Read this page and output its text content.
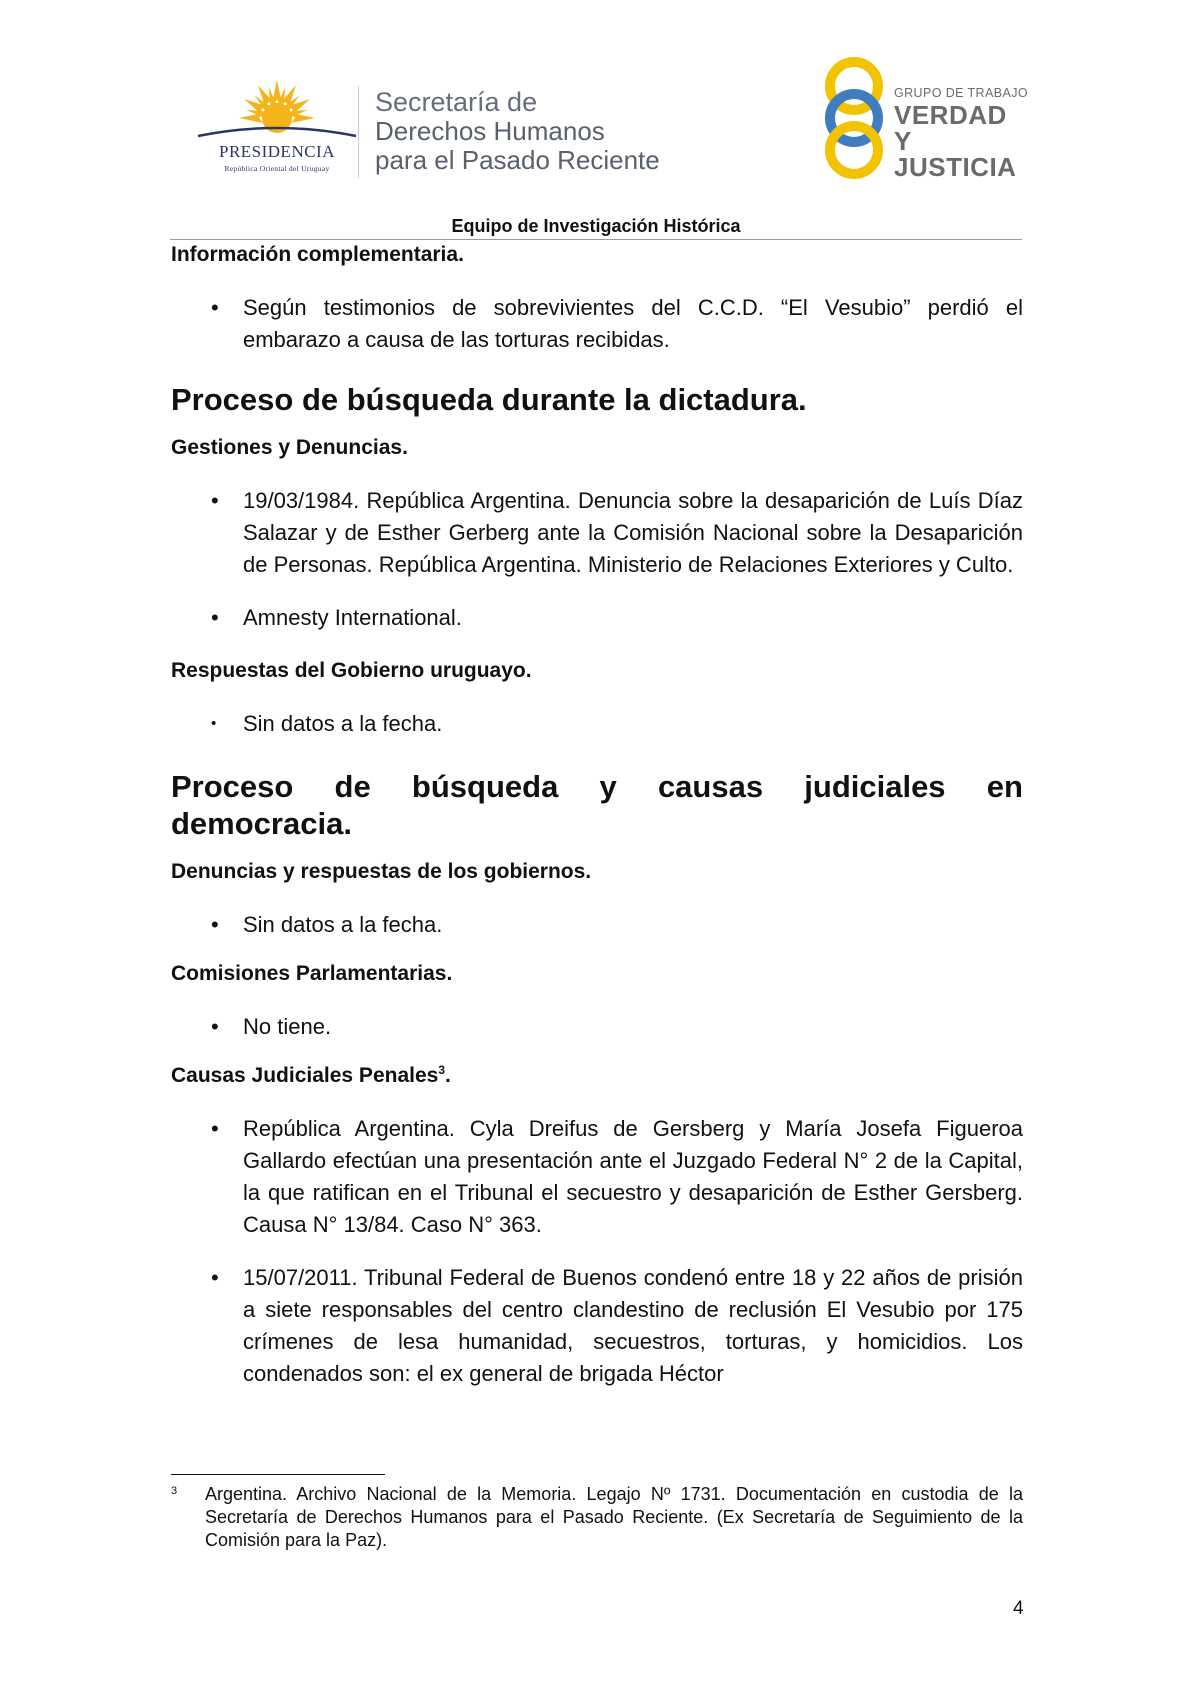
PRESIDENCIA
República Oriental del Uruguay
Secretaría de
Derechos Humanos
para el Pasado Reciente
GRUPO DE TRABAJO
VERDAD Y
JUSTICIA
Equipo de Investigación Histórica
Información complementaria.
• Según testimonios de sobrevivientes del C.C.D. “El Vesubio” perdió el embarazo a causa de las torturas recibidas.
Proceso de búsqueda durante la dictadura.
Gestiones y Denuncias.
• 19/03/1984. República Argentina. Denuncia sobre la desaparición de Luís Díaz Salazar y de Esther Gerberg ante la Comisión Nacional sobre la Desaparición de Personas. República Argentina. Ministerio de Relaciones Exteriores y Culto.
• Amnesty International.
Respuestas del Gobierno uruguayo.
• Sin datos a la fecha.
Proceso de búsqueda y causas judiciales en
democracia.
Denuncias y respuestas de los gobiernos.
• Sin datos a la fecha.
Comisiones Parlamentarias.
• No tiene.
Causas Judiciales Penales$^3$.
• República Argentina. Cyla Dreifus de Gersberg y María Josefa Figueroa Gallardo efectúan una presentación ante el Juzgado Federal N° 2 de la Capital, la que ratifican en el Tribunal el secuestro y desaparición de Esther Gersberg. Causa N° 13/84. Caso N° 363.
• 15/07/2011. Tribunal Federal de Buenos condenó entre 18 y 22 años de prisión a siete responsables del centro clandestino de reclusión El Vesubio por 175 crímenes de lesa humanidad, secuestros, torturas, y homicidios. Los condenados son: el ex general de brigada Héctor
3	Argentina. Archivo Nacional de la Memoria. Legajo Nº 1731. Documentación en custodia de la Secretaría de Derechos Humanos para el Pasado Reciente. (Ex Secretaría de Seguimiento de la Comisión para la Paz).
4
